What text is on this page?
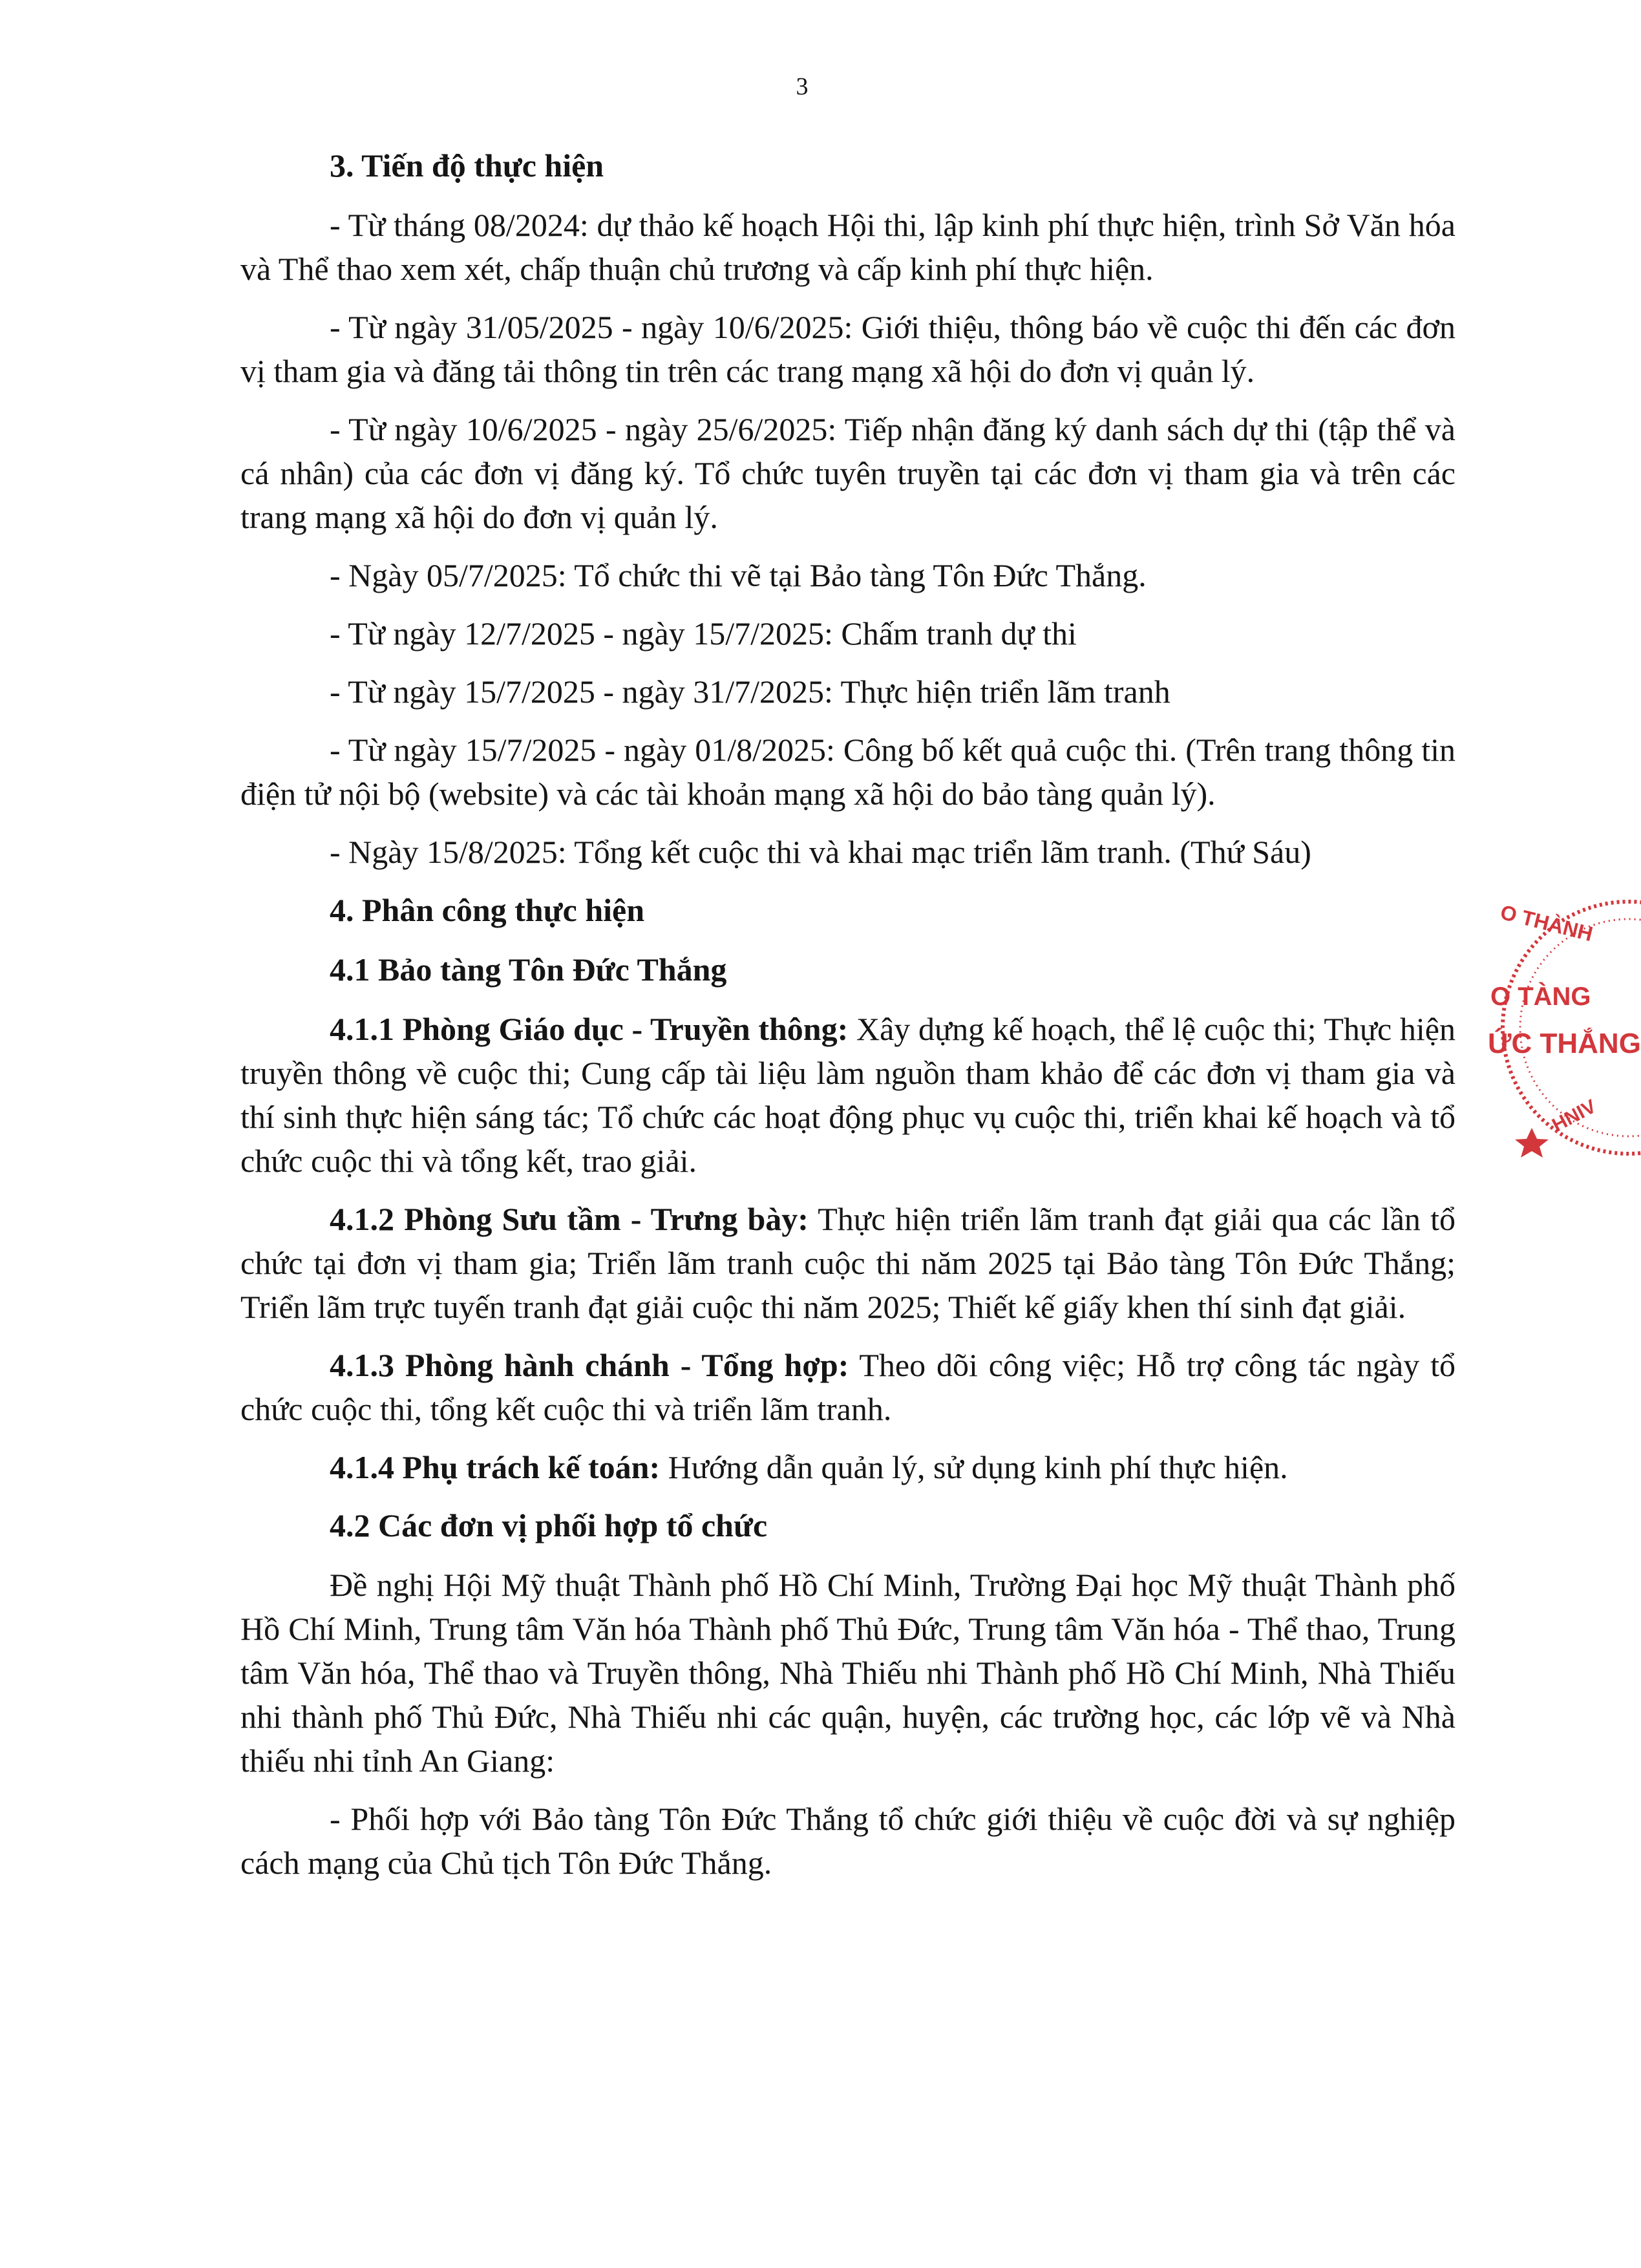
3
3. Tiến độ thực hiện

- Từ tháng 08/2024: dự thảo kế hoạch Hội thi, lập kinh phí thực hiện, trình Sở Văn hóa và Thể thao xem xét, chấp thuận chủ trương và cấp kinh phí thực hiện.

- Từ ngày 31/05/2025 - ngày 10/6/2025: Giới thiệu, thông báo về cuộc thi đến các đơn vị tham gia và đăng tải thông tin trên các trang mạng xã hội do đơn vị quản lý.

- Từ ngày 10/6/2025 - ngày 25/6/2025: Tiếp nhận đăng ký danh sách dự thi (tập thể và cá nhân) của các đơn vị đăng ký. Tổ chức tuyên truyền tại các đơn vị tham gia và trên các trang mạng xã hội do đơn vị quản lý.

- Ngày 05/7/2025: Tổ chức thi vẽ tại Bảo tàng Tôn Đức Thắng.

- Từ ngày 12/7/2025 - ngày 15/7/2025: Chấm tranh dự thi

- Từ ngày 15/7/2025 - ngày 31/7/2025: Thực hiện triển lãm tranh

- Từ ngày 15/7/2025 - ngày 01/8/2025: Công bố kết quả cuộc thi. (Trên trang thông tin điện tử nội bộ (website) và các tài khoản mạng xã hội do bảo tàng quản lý).

- Ngày 15/8/2025: Tổng kết cuộc thi và khai mạc triển lãm tranh. (Thứ Sáu)

4. Phân công thực hiện
4.1 Bảo tàng Tôn Đức Thắng

4.1.1 Phòng Giáo dục - Truyền thông: Xây dựng kế hoạch, thể lệ cuộc thi; Thực hiện truyền thông về cuộc thi; Cung cấp tài liệu làm nguồn tham khảo để các đơn vị tham gia và thí sinh thực hiện sáng tác; Tổ chức các hoạt động phục vụ cuộc thi, triển khai kế hoạch và tổ chức cuộc thi và tổng kết, trao giải.

4.1.2 Phòng Sưu tầm - Trưng bày: Thực hiện triển lãm tranh đạt giải qua các lần tổ chức tại đơn vị tham gia; Triển lãm tranh cuộc thi năm 2025 tại Bảo tàng Tôn Đức Thắng; Triển lãm trực tuyến tranh đạt giải cuộc thi năm 2025; Thiết kế giấy khen thí sinh đạt giải.

4.1.3 Phòng hành chánh - Tổng hợp: Theo dõi công việc; Hỗ trợ công tác ngày tổ chức cuộc thi, tổng kết cuộc thi và triển lãm tranh.

4.1.4 Phụ trách kế toán: Hướng dẫn quản lý, sử dụng kinh phí thực hiện.

4.2 Các đơn vị phối hợp tổ chức

Đề nghị Hội Mỹ thuật Thành phố Hồ Chí Minh, Trường Đại học Mỹ thuật Thành phố Hồ Chí Minh, Trung tâm Văn hóa Thành phố Thủ Đức, Trung tâm Văn hóa - Thể thao, Trung tâm Văn hóa, Thể thao và Truyền thông, Nhà Thiếu nhi Thành phố Hồ Chí Minh, Nhà Thiếu nhi thành phố Thủ Đức, Nhà Thiếu nhi các quận, huyện, các trường học, các lớp vẽ và Nhà thiếu nhi tỉnh An Giang:

- Phối hợp với Bảo tàng Tôn Đức Thắng tổ chức giới thiệu về cuộc đời và sự nghiệp cách mạng của Chủ tịch Tôn Đức Thắng.

O THÀNH
O TÀNG
ỨC THẮNG
HNIV
